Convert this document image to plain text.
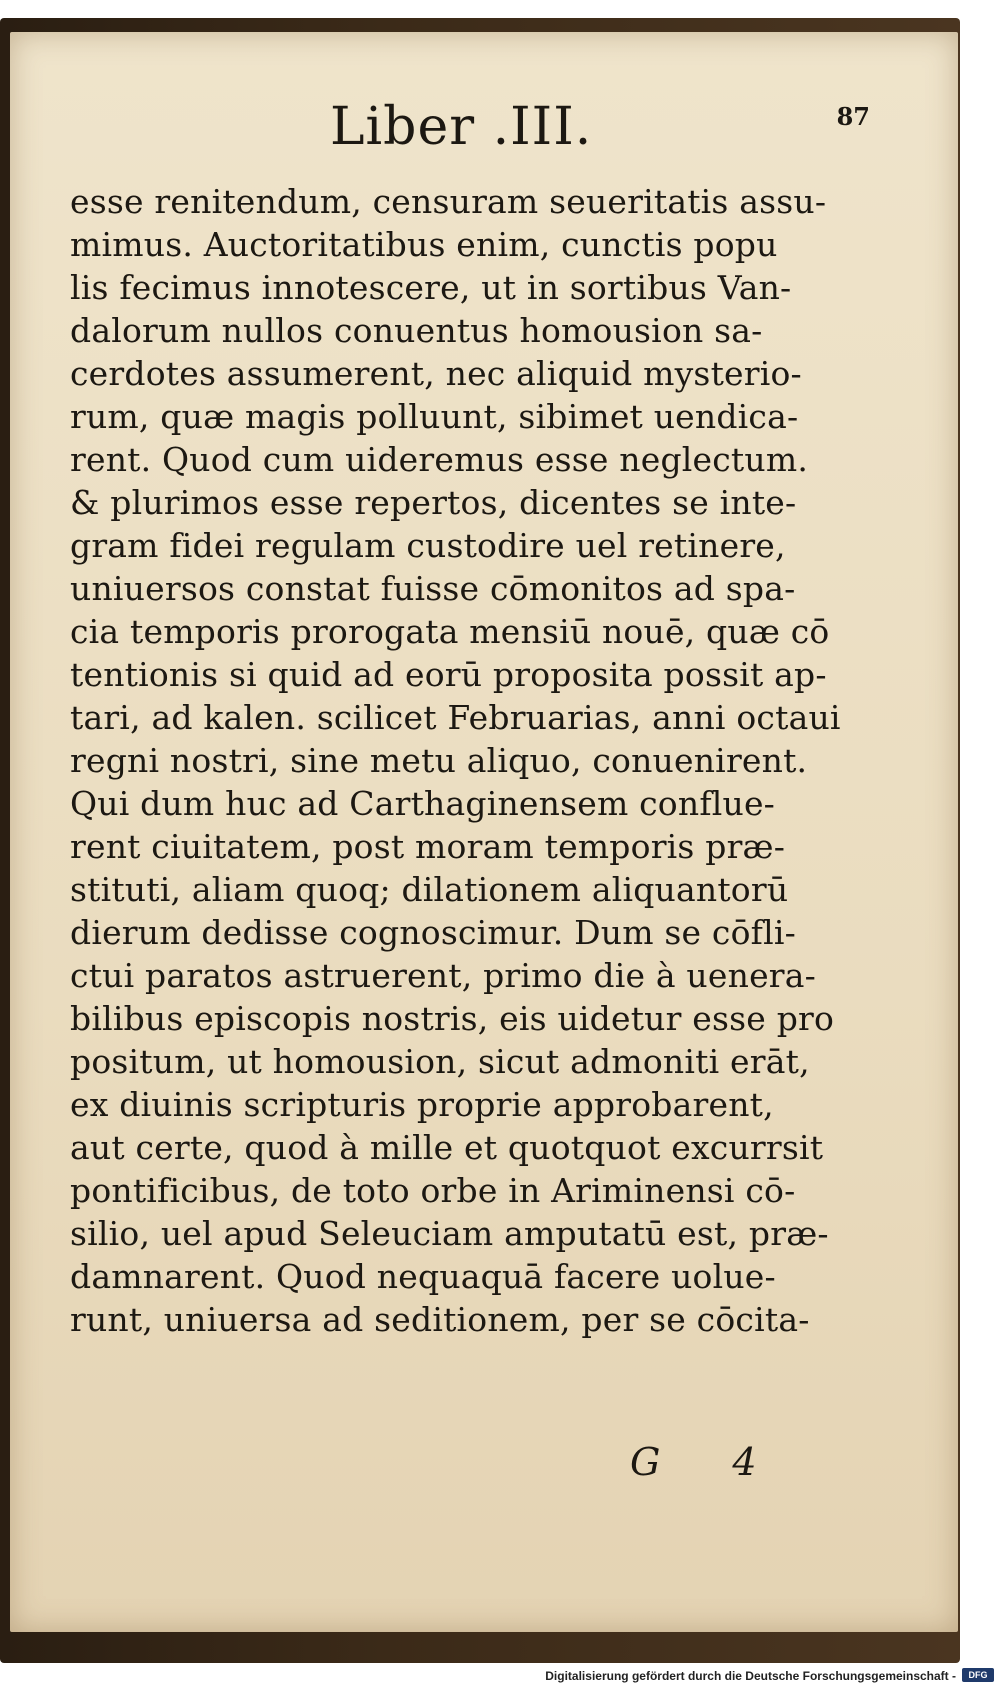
Liber .III.	87
esse renitendum, censuram seueritatis assu-
mimus. Auctoritatibus enim, cunctis popu
lis fecimus innotescere, ut in sortibus Van-
dalorum nullos conuentus homousion sa-
cerdotes assumerent, nec aliquid mysterio-
rum, quæ magis polluunt, sibimet uendica-
rent. Quod cum uideremus esse neglectum.
& plurimos esse repertos, dicentes se inte-
gram fidei regulam custodire uel retinere,
uniuersos constat fuisse cōmonitos ad spa-
cia temporis prorogata mensiū nouē, quæ cō
tentionis si quid ad eorū proposita possit ap-
tari, ad kalen. scilicet Februarias, anni octaui
regni nostri, sine metu aliquo, conuenirent.
Qui dum huc ad Carthaginensem conflue-
rent ciuitatem, post moram temporis præ-
stituti, aliam quoq; dilationem aliquantorū
dierum dedisse cognoscimur. Dum se cōfli-
ctui paratos astruerent, primo die à uenera-
bilibus episcopis nostris, eis uidetur esse pro
positum, ut homousion, sicut admoniti erāt,
ex diuinis scripturis proprie approbarent,
aut certe, quod à mille et quotquot excurrsit
pontificibus, de toto orbe in Ariminensi cō-
silio, uel apud Seleuciam amputatū est, præ-
damnarent. Quod nequaquā facere uolue-
runt, uniuersa ad seditionem, per se cōcita-
G 4
Digitalisierung gefördert durch die Deutsche Forschungsgemeinschaft -	DFG
